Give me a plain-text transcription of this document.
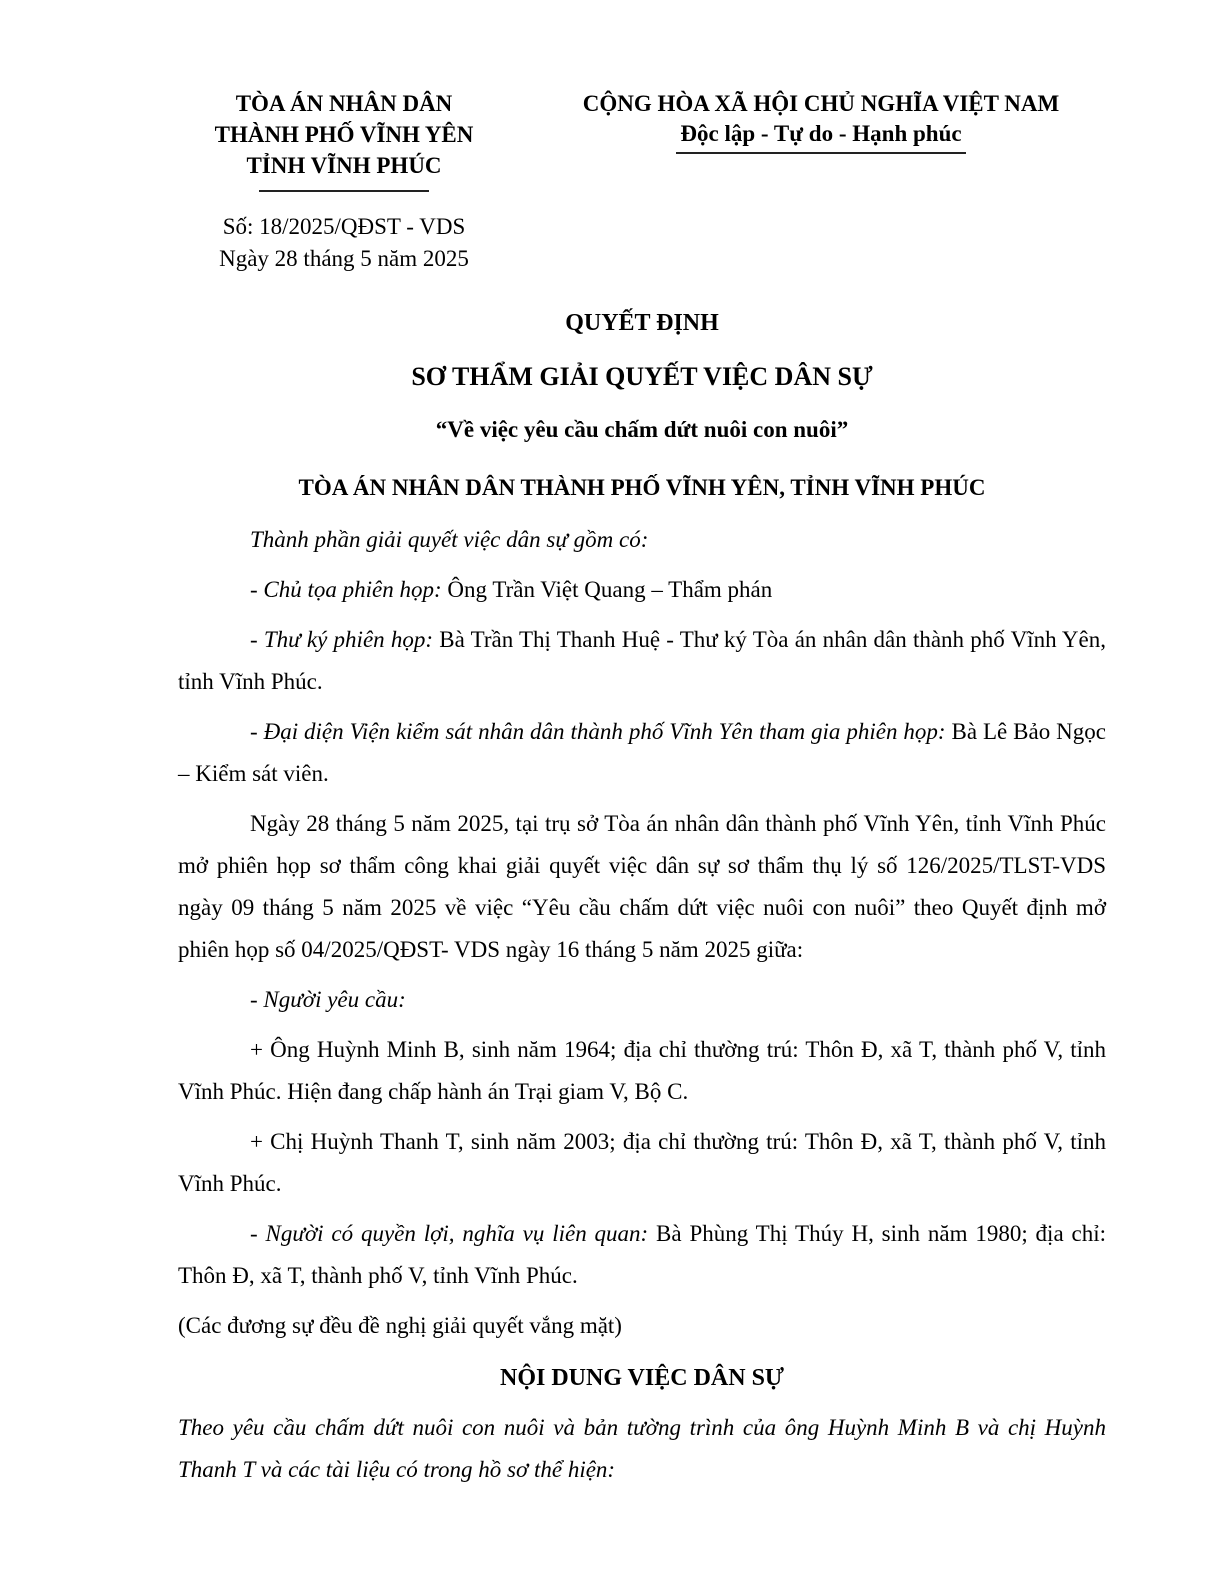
TÒA ÁN NHÂN DÂN
THÀNH PHỐ VĨNH YÊN
TỈNH VĨNH PHÚC
Số: 18/2025/QĐST - VDS
Ngày 28 tháng 5 năm 2025
CỘNG HÒA XÃ HỘI CHỦ NGHĨA VIỆT NAM
Độc lập - Tự do - Hạnh phúc
QUYẾT ĐỊNH
SƠ THẨM GIẢI QUYẾT VIỆC DÂN SỰ
“Về việc yêu cầu chấm dứt nuôi con nuôi”
TÒA ÁN NHÂN DÂN THÀNH PHỐ VĨNH YÊN, TỈNH VĨNH PHÚC

Thành phần giải quyết việc dân sự gồm có:

- Chủ tọa phiên họp: Ông Trần Việt Quang – Thẩm phán

- Thư ký phiên họp: Bà Trần Thị Thanh Huệ - Thư ký Tòa án nhân dân thành phố Vĩnh Yên, tỉnh Vĩnh Phúc.

- Đại diện Viện kiểm sát nhân dân thành phố Vĩnh Yên tham gia phiên họp: Bà Lê Bảo Ngọc – Kiểm sát viên.

Ngày 28 tháng 5 năm 2025, tại trụ sở Tòa án nhân dân thành phố Vĩnh Yên, tỉnh Vĩnh Phúc mở phiên họp sơ thẩm công khai giải quyết việc dân sự sơ thẩm thụ lý số 126/2025/TLST-VDS ngày 09 tháng 5 năm 2025 về việc “Yêu cầu chấm dứt việc nuôi con nuôi” theo Quyết định mở phiên họp số 04/2025/QĐST- VDS ngày 16 tháng 5 năm 2025 giữa:

- Người yêu cầu:

+ Ông Huỳnh Minh B, sinh năm 1964; địa chỉ thường trú: Thôn Đ, xã T, thành phố V, tỉnh Vĩnh Phúc. Hiện đang chấp hành án Trại giam V, Bộ C.

+ Chị Huỳnh Thanh T, sinh năm 2003; địa chỉ thường trú: Thôn Đ, xã T, thành phố V, tỉnh Vĩnh Phúc.

- Người có quyền lợi, nghĩa vụ liên quan: Bà Phùng Thị Thúy H, sinh năm 1980; địa chỉ: Thôn Đ, xã T, thành phố V, tỉnh Vĩnh Phúc.

(Các đương sự đều đề nghị giải quyết vắng mặt)

NỘI DUNG VIỆC DÂN SỰ

Theo yêu cầu chấm dứt nuôi con nuôi và bản tường trình của ông Huỳnh Minh B và chị Huỳnh Thanh T và các tài liệu có trong hồ sơ thể hiện:
